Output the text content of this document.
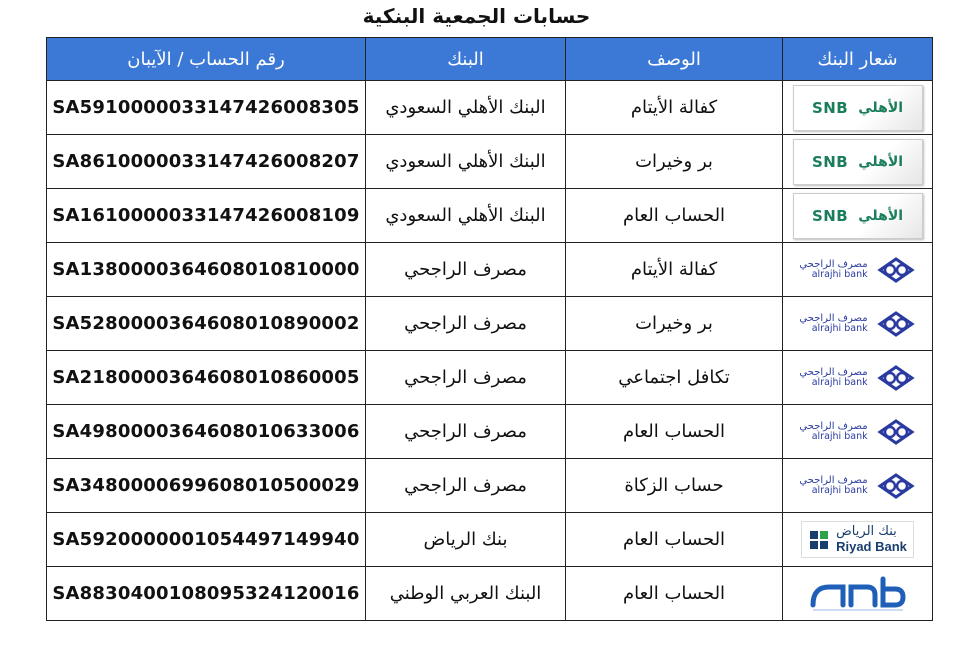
حسابات الجمعية البنكية
شعار البنك	الوصف	البنك	رقم الحساب / الآيبان

SNB الأهلي	كفالة الأيتام	البنك الأهلي السعودي	SA5910000033147426008305

SNB الأهلي	بر وخيرات	البنك الأهلي السعودي	SA8610000033147426008207

SNB الأهلي	الحساب العام	البنك الأهلي السعودي	SA1610000033147426008109

مصرف الراجحي
alrajhi bank	كفالة الأيتام	مصرف الراجحي	SA1380000364608010810000

مصرف الراجحي
alrajhi bank	بر وخيرات	مصرف الراجحي	SA5280000364608010890002

مصرف الراجحي
alrajhi bank	تكافل اجتماعي	مصرف الراجحي	SA2180000364608010860005

مصرف الراجحي
alrajhi bank	الحساب العام	مصرف الراجحي	SA4980000364608010633006

مصرف الراجحي
alrajhi bank	حساب الزكاة	مصرف الراجحي	SA3480000699608010500029

بنك الرياض
Riyad Bank	الحساب العام	بنك الرياض	SA5920000001054497149940

	الحساب العام	البنك العربي الوطني	SA8830400108095324120016
